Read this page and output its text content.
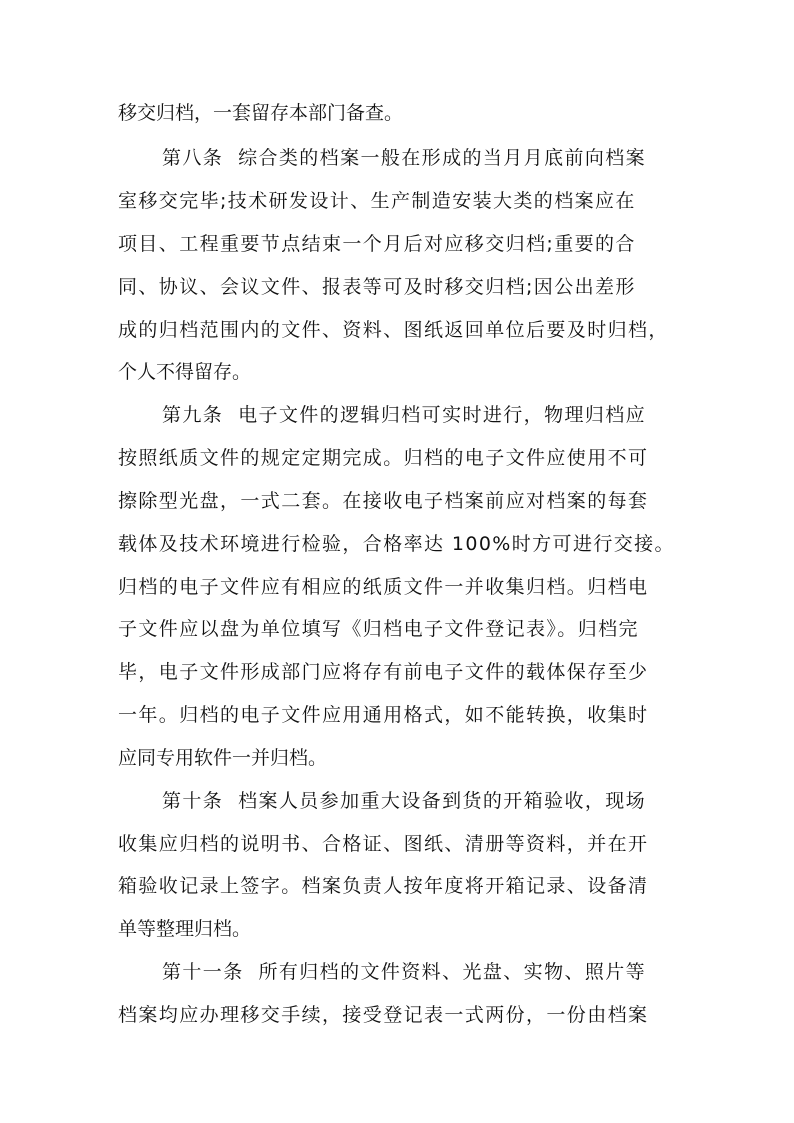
移交归档，一套留存本部门备查。
第八条  综合类的档案一般在形成的当月月底前向档案
室移交完毕;技术研发设计、生产制造安装大类的档案应在
项目、工程重要节点结束一个月后对应移交归档;重要的合
同、协议、会议文件、报表等可及时移交归档;因公出差形
成的归档范围内的文件、资料、图纸返回单位后要及时归档，
个人不得留存。
第九条  电子文件的逻辑归档可实时进行，物理归档应
按照纸质文件的规定定期完成。归档的电子文件应使用不可
擦除型光盘，一式二套。在接收电子档案前应对档案的每套
载体及技术环境进行检验，合格率达 100%时方可进行交接。
归档的电子文件应有相应的纸质文件一并收集归档。归档电
子文件应以盘为单位填写《归档电子文件登记表》。归档完
毕，电子文件形成部门应将存有前电子文件的载体保存至少
一年。归档的电子文件应用通用格式，如不能转换，收集时
应同专用软件一并归档。
第十条  档案人员参加重大设备到货的开箱验收，现场
收集应归档的说明书、合格证、图纸、清册等资料，并在开
箱验收记录上签字。档案负责人按年度将开箱记录、设备清
单等整理归档。
第十一条  所有归档的文件资料、光盘、实物、照片等
档案均应办理移交手续，接受登记表一式两份，一份由档案
